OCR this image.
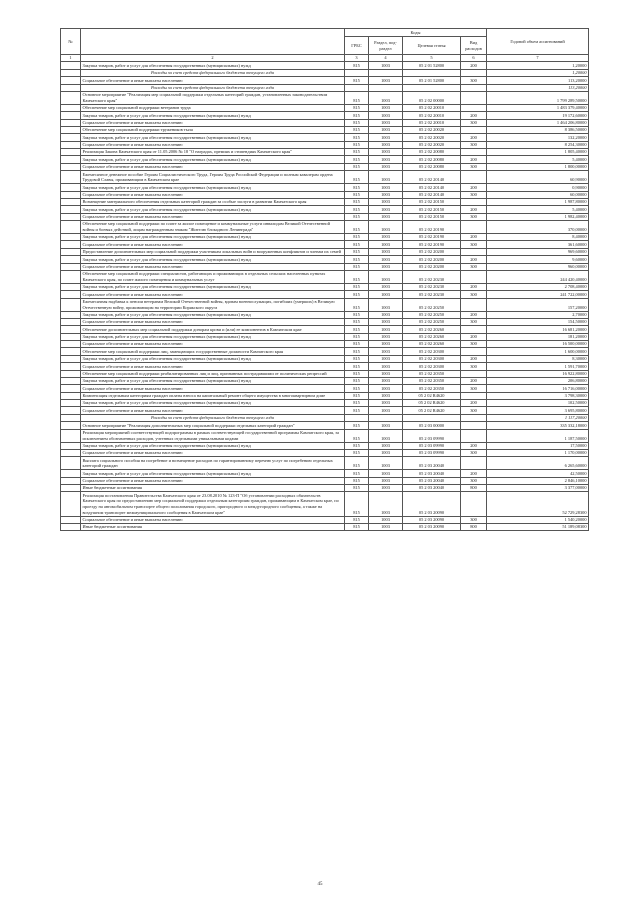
№		Коды				Годовой объем ассигнований
		ГРБС	Раздел, под-раздел	Целевая статья	Вид расходов	
1	2	3	4	5	6	7
	Закупка товаров, работ и услуг для обеспечения государственных (муниципальных) нужд	815	1003	05 2 01 52800	200	1,20000
	Расходы за счет средств федерального бюджета текущего года					1,20000
	Социальное обеспечение и иные выплаты населению	815	1003	05 2 01 52800	300	113,20000
	Расходы за счет средств федерального бюджета текущего года					113,20000
	Основное мероприятие "Реализация мер социальной поддержки отдельных категорий граждан, установленных законодательством Камчатского края"	815	1003	05 2 02 00000		1 799 289,50000
	Обеспечение мер социальной поддержки ветеранов труда	815	1003	05 2 02 20010		1 483 379,40000
	Закупка товаров, работ и услуг для обеспечения государственных (муниципальных) нужд	815	1003	05 2 02 20010	200	19 172,60000
	Социальное обеспечение и иные выплаты населению	815	1003	05 2 02 20010	300	1 464 206,80000
	Обеспечение мер социальной поддержки тружеников тыла	815	1003	05 2 02 20020		8 386,50000
	Закупка товаров, работ и услуг для обеспечения государственных (муниципальных) нужд	815	1003	05 2 02 20020	200	132,20000
	Социальное обеспечение и иные выплаты населению	815	1003	05 2 02 20020	300	8 254,30000
	Реализация Закона Камчатского края от 11.05.2006 № 18 "О наградах, премиях и стипендиях Камчатского края"	815	1003	05 2 02 20080		1 805,40000
	Закупка товаров, работ и услуг для обеспечения государственных (муниципальных) нужд	815	1003	05 2 02 20080	200	5,40000
	Социальное обеспечение и иные выплаты населению	815	1003	05 2 02 20080	300	1 800,00000
	Ежемесячное денежное пособие Героям Социалистического Труда, Героям Труда Российской Федерации и полным кавалерам ордена Трудовой Славы, проживающим в Камчатском крае	815	1003	05 2 02 20140		60,90000
	Закупка товаров, работ и услуг для обеспечения государственных (муниципальных) нужд	815	1003	05 2 02 20140	200	0,90000
	Социальное обеспечение и иные выплаты населению	815	1003	05 2 02 20140	300	60,00000
	Возмещение материального обеспечения отдельных категорий граждан за особые заслуги в развитии Камчатского края	815	1003	05 2 02 20150		1 987,80000
	Закупка товаров, работ и услуг для обеспечения государственных (муниципальных) нужд	815	1003	05 2 02 20150	200	5,40000
	Социальное обеспечение и иные выплаты населению	815	1003	05 2 02 20150	300	1 982,40000
	Обеспечение мер социальной поддержки по плате за жилое помещение и коммунальные услуги инвалидам Великой Отечественной войны и боевых действий, лицам награжденным знаком "Жителю блокадного Ленинграда"	815	1003	05 2 02 20190		370,00000
	Закупка товаров, работ и услуг для обеспечения государственных (муниципальных) нужд	815	1003	05 2 02 20190	200	8,40000
	Социальное обеспечение и иные выплаты населению	815	1003	05 2 02 20190	300	361,60000
	Предоставление дополнительных мер социальной поддержки участникам локальных войн и вооруженных конфликтов и членам их семей	815	1003	05 2 02 20200		969,60000
	Закупка товаров, работ и услуг для обеспечения государственных (муниципальных) нужд	815	1003	05 2 02 20200	200	9,60000
	Социальное обеспечение и иные выплаты населению	815	1003	05 2 02 20200	300	960,00000
	Обеспечение мер социальной поддержки специалистов, работающих и проживающих в отдельных сельских населенных пунктах Камчатского края, по плате жилого помещения и коммунальных услуг	815	1003	05 2 02 20230		244 420,40000
	Закупка товаров, работ и услуг для обеспечения государственных (муниципальных) нужд	815	1003	05 2 02 20230	200	2 708,40000
	Социальное обеспечение и иные выплаты населению	815	1003	05 2 02 20230	300	241 722,00000
	Ежемесячная надбавка к пенсии ветеранам Великой Отечественной войны, вдовам военнослужащих, погибших (умерших) в Великую Отечественную войну, проживающим на территории Корякского округа	815	1003	05 2 02 20250		157,20000
	Закупка товаров, работ и услуг для обеспечения государственных (муниципальных) нужд	815	1003	05 2 02 20250	200	2,70000
	Социальное обеспечение и иные выплаты населению	815	1003	05 2 02 20250	300	154,50000
	Обеспечение дополнительных мер социальной поддержки донорам крови и (или) ее компонентов в Камчатском крае	815	1003	05 2 02 20260		16 681,20000
	Закупка товаров, работ и услуг для обеспечения государственных (муниципальных) нужд	815	1003	05 2 02 20260	200	181,20000
	Социальное обеспечение и иные выплаты населению	815	1003	05 2 02 20260	300	16 500,00000
	Обеспечение мер социальной поддержки лиц, замещающих государственные должности Камчатского края	815	1003	05 2 02 20300		1 600,00000
	Закупка товаров, работ и услуг для обеспечения государственных (муниципальных) нужд	815	1003	05 2 02 20300	200	8,30000
	Социальное обеспечение и иные выплаты населению	815	1003	05 2 02 20300	300	1 591,70000
	Обеспечение мер социальной поддержки реабилитированных лиц и лиц, признанных пострадавшими от политических репрессий	815	1003	05 2 02 20350		16 922,80000
	Закупка товаров, работ и услуг для обеспечения государственных (муниципальных) нужд	815	1003	05 2 02 20350	200	206,80000
	Социальное обеспечение и иные выплаты населению	815	1003	05 2 02 20350	300	16 716,00000
	Компенсация отдельным категориям граждан оплаты взноса на капитальный ремонт общего имущества в многоквартирном доме	815	1003	05 2 02 R4620		3 798,30000
	Закупка товаров, работ и услуг для обеспечения государственных (муниципальных) нужд	815	1003	05 2 02 R4620	200	102,50000
	Социальное обеспечение и иные выплаты населению	815	1003	05 2 02 R4620	300	3 695,80000
	Расходы за счет средств федерального бюджета текущего года					1 117,20000
	Основное мероприятие "Реализация дополнительных мер социальной поддержки отдельных категорий граждан"	815	1003	05 2 03 00000		335 332,18000
	Реализация мероприятий соответствующей подпрограммы в рамках соответствующей государственной программы Камчатского края, за исключением обозначенных расходов, учтенных отдельными уникальными кодами	815	1003	05 2 03 09990		1 187,50000
	Закупка товаров, работ и услуг для обеспечения государственных (муниципальных) нужд	815	1003	05 2 03 09990	200	17,50000
	Социальное обеспечение и иные выплаты населению	815	1003	05 2 03 09990	300	1 170,00000
	Выплата социального пособия на погребение и возмещение расходов по гарантированному перечню услуг по погребению отдельных категорий граждан	815	1003	05 2 03 20040		6 265,60000
	Закупка товаров, работ и услуг для обеспечения государственных (муниципальных) нужд	815	1003	05 2 03 20040	200	42,50000
	Социальное обеспечение и иные выплаты населению	815	1003	05 2 03 20040	300	2 846,10000
	Иные бюджетные ассигнования	815	1003	05 2 03 20040	800	3 377,00000
	Реализация постановления Правительства Камчатского края от 23.08.2010 № 123-П "Об установлении расходных обязательств Камчатского края по предоставлению мер социальной поддержки отдельным категориям граждан, проживающим в Камчатском крае, по проезду на автомобильном транспорте общего пользования городского, пригородного и междугородного сообщения, а также на воздушном транспорте межмуниципального сообщения в Камчатском крае"	815	1003	05 2 03 20090		52 729,28300
	Социальное обеспечение и иные выплаты населению	815	1003	05 2 03 20090	300	1 540,20000
	Иные бюджетные ассигнования	815	1003	05 2 03 20090	800	51 189,08300
45
